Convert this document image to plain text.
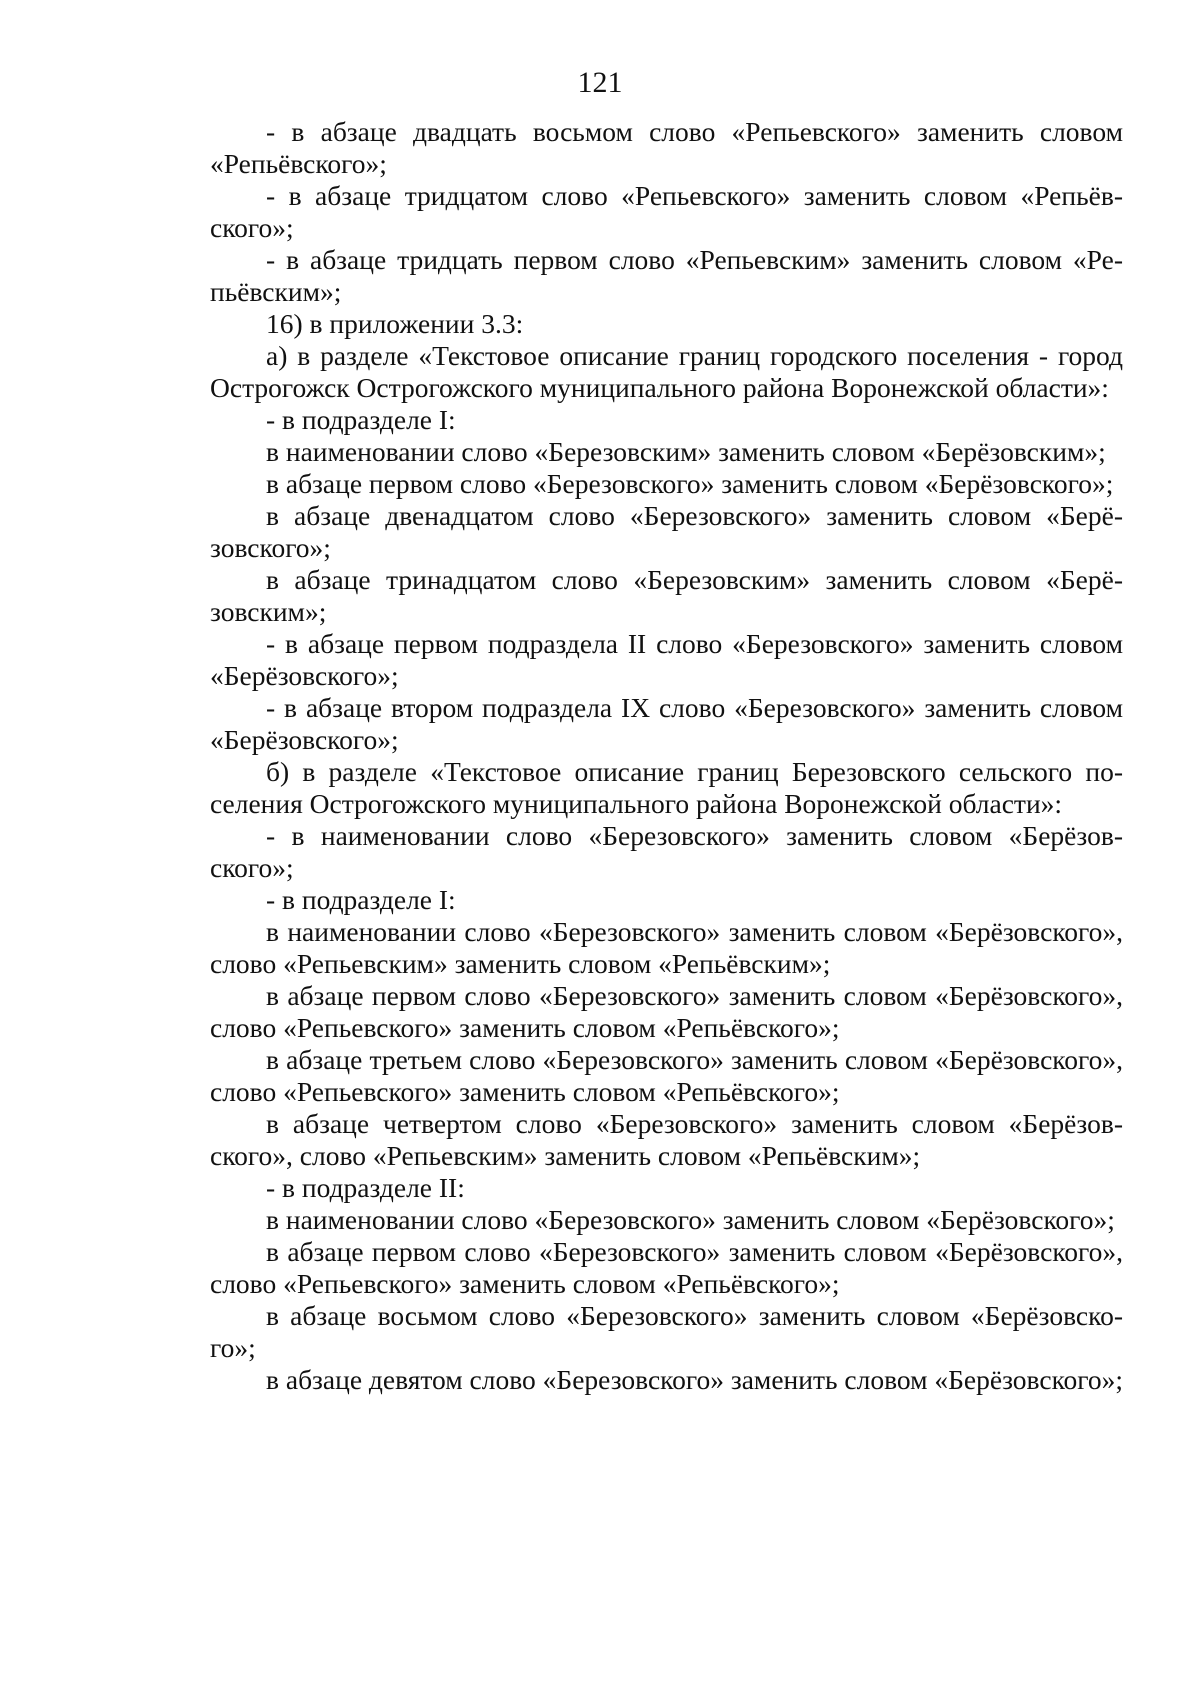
121

- в абзаце двадцать восьмом слово «Репьевского» заменить словом «Репьёвского»;

- в абзаце тридцатом слово «Репьевского» заменить словом «Репьёвского»;

- в абзаце тридцать первом слово «Репьевским» заменить словом «Репьёвским»;

16) в приложении 3.3:

а) в разделе «Текстовое описание границ городского поселения - город Острогожск Острогожского муниципального района Воронежской области»:

- в подразделе I:

в наименовании слово «Березовским» заменить словом «Берёзовским»;

в абзаце первом слово «Березовского» заменить словом «Берёзовского»;

в абзаце двенадцатом слово «Березовского» заменить словом «Берёзовского»;

в абзаце тринадцатом слово «Березовским» заменить словом «Берёзовским»;

- в абзаце первом подраздела II слово «Березовского» заменить словом «Берёзовского»;

- в абзаце втором подраздела IX слово «Березовского» заменить словом «Берёзовского»;

б) в разделе «Текстовое описание границ Березовского сельского поселения Острогожского муниципального района Воронежской области»:

- в наименовании слово «Березовского» заменить словом «Берёзовского»;

- в подразделе I:

в наименовании слово «Березовского» заменить словом «Берёзовского», слово «Репьевским» заменить словом «Репьёвским»;

в абзаце первом слово «Березовского» заменить словом «Берёзовского», слово «Репьевского» заменить словом «Репьёвского»;

в абзаце третьем слово «Березовского» заменить словом «Берёзовского», слово «Репьевского» заменить словом «Репьёвского»;

в абзаце четвертом слово «Березовского» заменить словом «Берёзовского», слово «Репьевским» заменить словом «Репьёвским»;

- в подразделе II:

в наименовании слово «Березовского» заменить словом «Берёзовского»;

в абзаце первом слово «Березовского» заменить словом «Берёзовского», слово «Репьевского» заменить словом «Репьёвского»;

в абзаце восьмом слово «Березовского» заменить словом «Берёзовского»;

в абзаце девятом слово «Березовского» заменить словом «Берёзовского»;
